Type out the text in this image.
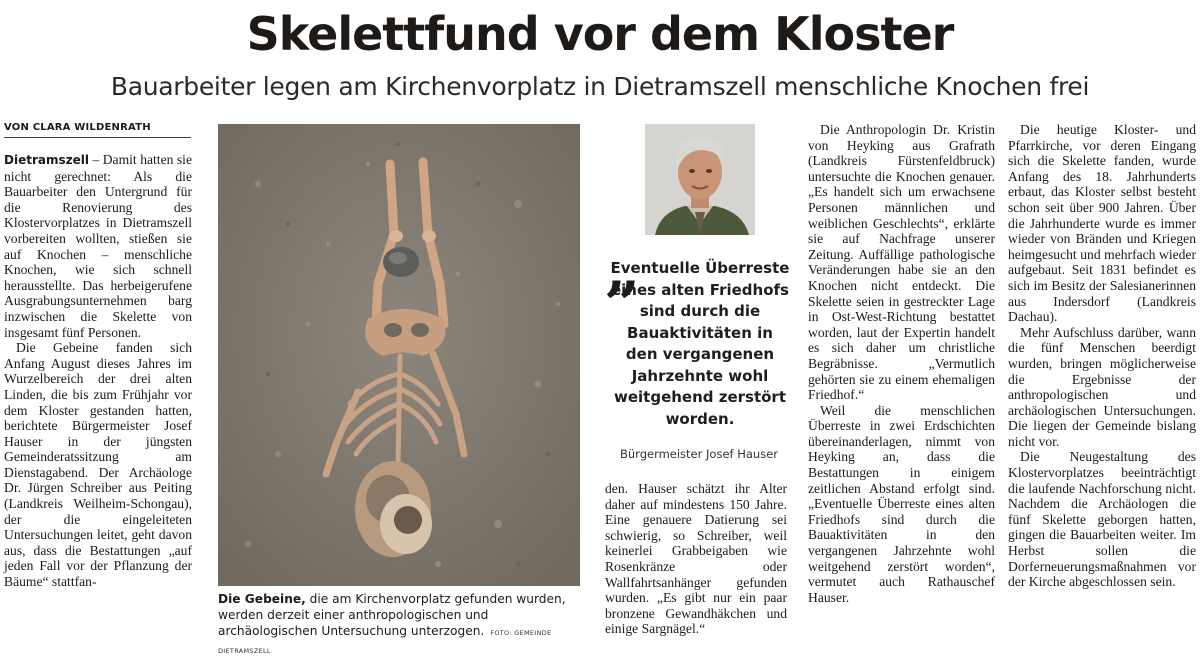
Skelettfund vor dem Kloster
Bauarbeiter legen am Kirchenvorplatz in Dietramszell menschliche Knochen frei
VON CLARA WILDENRATH

Dietramszell – Damit hatten sie nicht gerechnet: Als die Bauarbeiter den Untergrund für die Renovierung des Klostervorplatzes in Dietramszell vorbereiten wollten, stießen sie auf Knochen – menschliche Knochen, wie sich schnell herausstellte. Das herbeigerufene Ausgrabungsunternehmen barg inzwischen die Skelette von insgesamt fünf Personen.

Die Gebeine fanden sich Anfang August dieses Jahres im Wurzelbereich der drei alten Linden, die bis zum Frühjahr vor dem Kloster gestanden hatten, berichtete Bürgermeister Josef Hauser in der jüngsten Gemeinderatssitzung am Dienstagabend. Der Archäologe Dr. Jürgen Schreiber aus Peiting (Landkreis Weilheim-Schongau), der die eingeleiteten Untersuchungen leitet, geht davon aus, dass die Bestattungen „auf jeden Fall vor der Pflanzung der Bäume“ stattfan-

Die Gebeine, die am Kirchenvorplatz gefunden wurden, werden derzeit einer anthropologischen und archäologischen Untersuchung unterzogen. FOTO: GEMEINDE DIETRAMSZELL
„
Eventuelle Überreste eines alten Friedhofs sind durch die Bauaktivitäten in den vergangenen Jahrzehnte wohl weitgehend zerstört worden.
Bürgermeister Josef Hauser

den. Hauser schätzt ihr Alter daher auf mindestens 150 Jahre. Eine genauere Datierung sei schwierig, so Schreiber, weil keinerlei Grabbeigaben wie Rosenkränze oder Wallfahrtsanhänger gefunden wurden. „Es gibt nur ein paar bronzene Gewandhäkchen und einige Sargnägel.“

Die Anthropologin Dr. Kristin von Heyking aus Grafrath (Landkreis Fürstenfeldbruck) untersuchte die Knochen genauer. „Es handelt sich um erwachsene Personen männlichen und weiblichen Geschlechts“, erklärte sie auf Nachfrage unserer Zeitung. Auffällige pathologische Veränderungen habe sie an den Knochen nicht entdeckt. Die Skelette seien in gestreckter Lage in Ost-West-Richtung bestattet worden, laut der Expertin handelt es sich daher um christliche Begräbnisse. „Vermutlich gehörten sie zu einem ehemaligen Friedhof.“

Weil die menschlichen Überreste in zwei Erdschichten übereinanderlagen, nimmt von Heyking an, dass die Bestattungen in einigem zeitlichen Abstand erfolgt sind. „Eventuelle Überreste eines alten Friedhofs sind durch die Bauaktivitäten in den vergangenen Jahrzehnte wohl weitgehend zerstört worden“, vermutet auch Rathauschef Hauser.

Die heutige Kloster- und Pfarrkirche, vor deren Eingang sich die Skelette fanden, wurde Anfang des 18. Jahrhunderts erbaut, das Kloster selbst besteht schon seit über 900 Jahren. Über die Jahrhunderte wurde es immer wieder von Bränden und Kriegen heimgesucht und mehrfach wieder aufgebaut. Seit 1831 befindet es sich im Besitz der Salesianerinnen aus Indersdorf (Landkreis Dachau).

Mehr Aufschluss darüber, wann die fünf Menschen beerdigt wurden, bringen möglicherweise die Ergebnisse der anthropologischen und archäologischen Untersuchungen. Die liegen der Gemeinde bislang nicht vor.

Die Neugestaltung des Klostervorplatzes beeinträchtigt die laufende Nachforschung nicht. Nachdem die Archäologen die fünf Skelette geborgen hatten, gingen die Bauarbeiten weiter. Im Herbst sollen die Dorferneuerungsmaßnahmen vor der Kirche abgeschlossen sein.
